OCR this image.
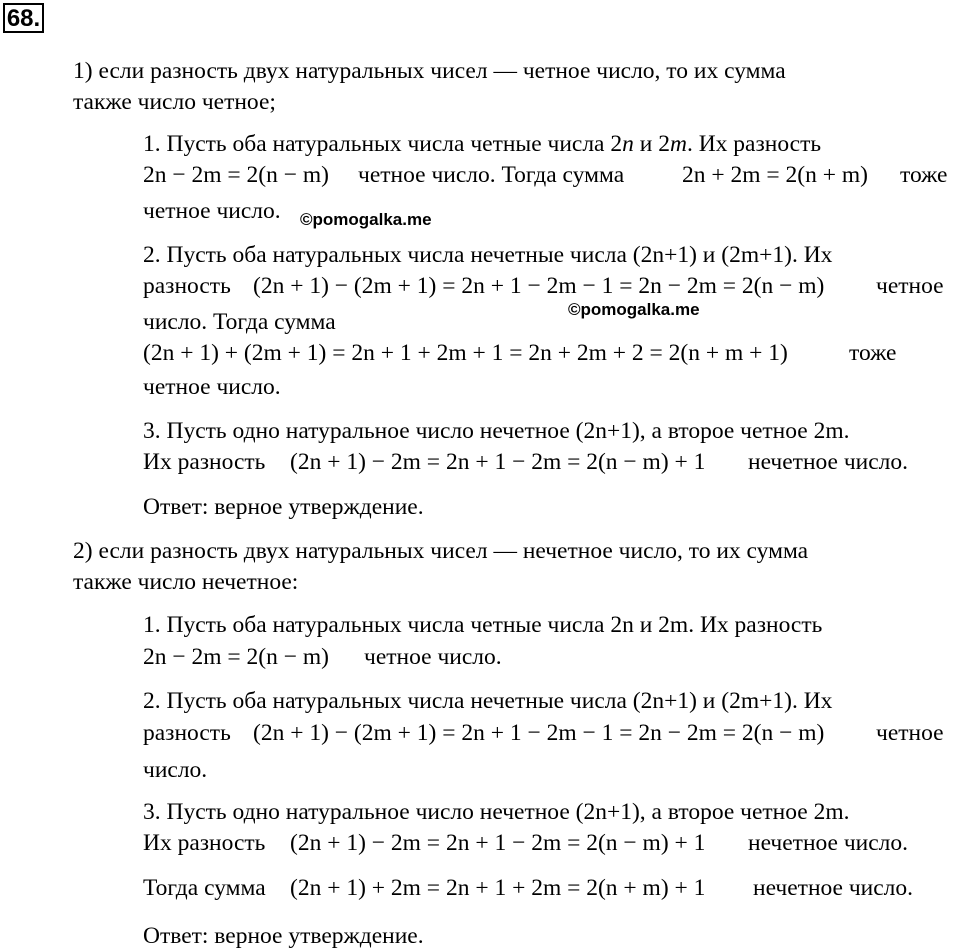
68.
1) если разность двух натуральных чисел — четное число, то их сумма
также число четное;
1. Пусть оба натуральных числа четные числа 2n и 2m. Их разность
2n − 2m = 2(n − m) четное число. Тогда сумма 2n + 2m = 2(n + m) тоже
четное число. ©pomogalka.me
2. Пусть оба натуральных числа нечетные числа (2n+1) и (2m+1). Их
разность (2n + 1) − (2m + 1) = 2n + 1 − 2m − 1 = 2n − 2m = 2(n − m) четное
число. Тогда сумма	©pomogalka.me
(2n + 1) + (2m + 1) = 2n + 1 + 2m + 1 = 2n + 2m + 2 = 2(n + m + 1)	тоже
четное число.
3. Пусть одно натуральное число нечетное (2n+1), а второе четное 2m.
Их разность (2n + 1) − 2m = 2n + 1 − 2m = 2(n − m) + 1 нечетное число.
Ответ: верное утверждение.
2) если разность двух натуральных чисел — нечетное число, то их сумма
также число нечетное:
1. Пусть оба натуральных числа четные числа 2n и 2m. Их разность
2n − 2m = 2(n − m) четное число.
2. Пусть оба натуральных числа нечетные числа (2n+1) и (2m+1). Их
разность (2n + 1) − (2m + 1) = 2n + 1 − 2m − 1 = 2n − 2m = 2(n − m) четное
число.
3. Пусть одно натуральное число нечетное (2n+1), а второе четное 2m.
Их разность (2n + 1) − 2m = 2n + 1 − 2m = 2(n − m) + 1 нечетное число.
Тогда сумма (2n + 1) + 2m = 2n + 1 + 2m = 2(n + m) + 1 нечетное число.
Ответ: верное утверждение.
